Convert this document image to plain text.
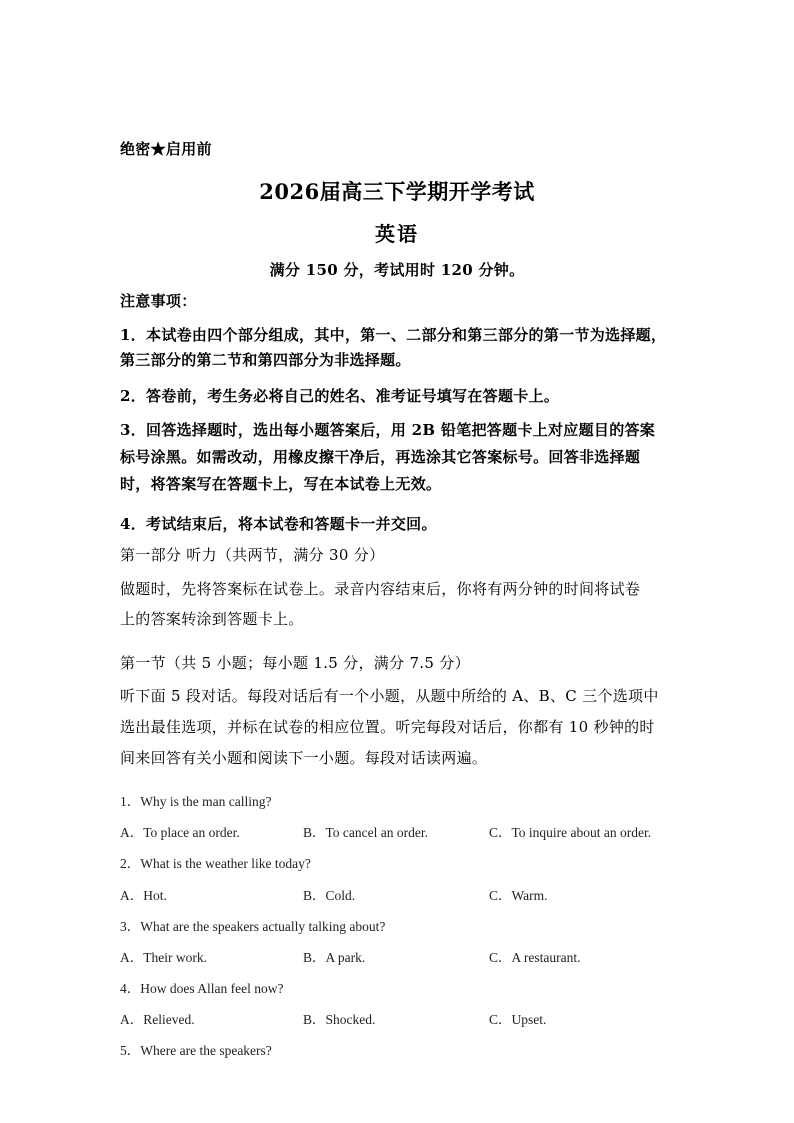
绝密★启用前
2026届高三下学期开学考试
英语
满分 150 分，考试用时 120 分钟。
注意事项：
1．本试卷由四个部分组成，其中，第一、二部分和第三部分的第一节为选择题，
第三部分的第二节和第四部分为非选择题。
2．答卷前，考生务必将自己的姓名、准考证号填写在答题卡上。
3．回答选择题时，选出每小题答案后，用 2B 铅笔把答题卡上对应题目的答案
标号涂黑。如需改动，用橡皮擦干净后，再选涂其它答案标号。回答非选择题
时，将答案写在答题卡上，写在本试卷上无效。
4．考试结束后，将本试卷和答题卡一并交回。
第一部分 听力（共两节，满分 30 分）
做题时，先将答案标在试卷上。录音内容结束后，你将有两分钟的时间将试卷
上的答案转涂到答题卡上。
第一节（共 5 小题；每小题 1.5 分，满分 7.5 分）
听下面 5 段对话。每段对话后有一个小题，从题中所给的 A、B、C 三个选项中
选出最佳选项，并标在试卷的相应位置。听完每段对话后，你都有 10 秒钟的时
间来回答有关小题和阅读下一小题。每段对话读两遍。
1．Why is the man calling?
A．To place an order.	B．To cancel an order.	C．To inquire about an order.
2．What is the weather like today?
A．Hot.	B．Cold.	C．Warm.
3．What are the speakers actually talking about?
A．Their work.	B．A park.	C．A restaurant.
4．How does Allan feel now?
A．Relieved.	B．Shocked.	C．Upset.
5．Where are the speakers?
